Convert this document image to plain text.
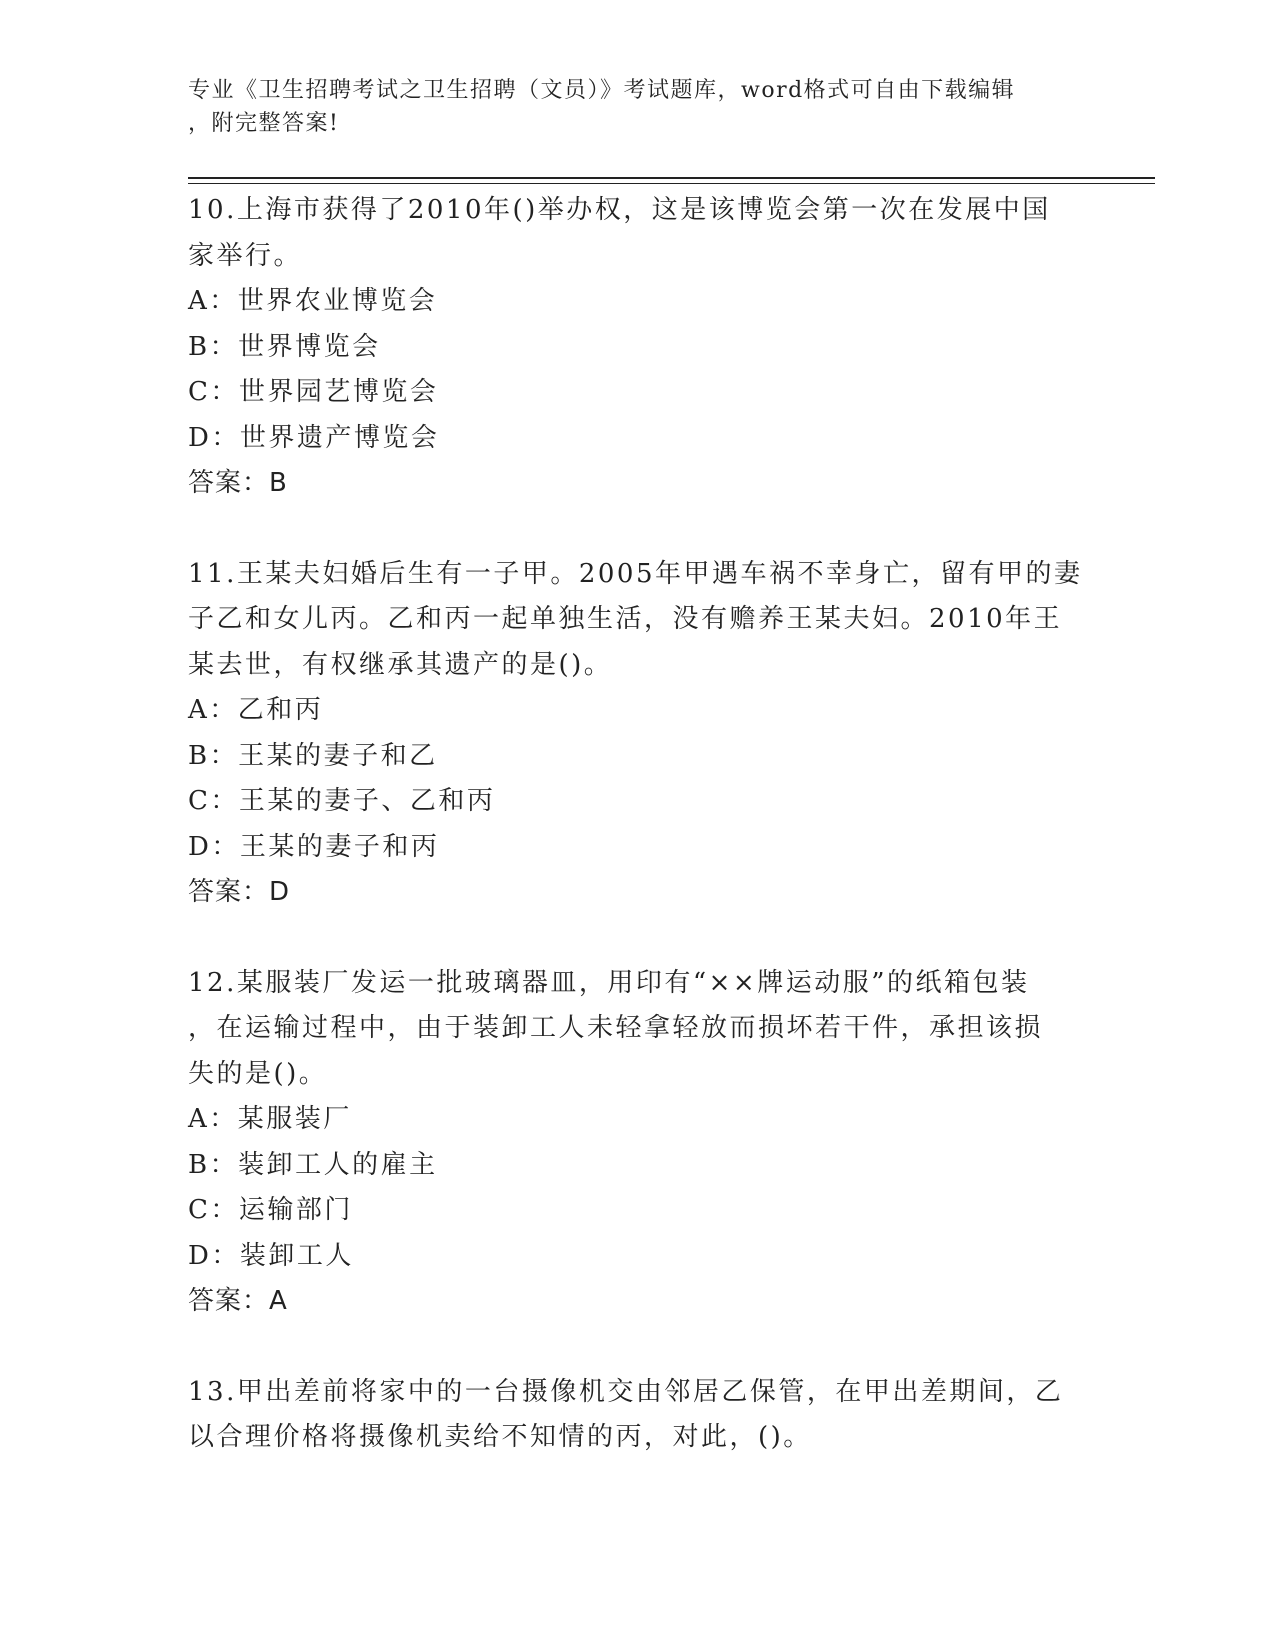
专业《卫生招聘考试之卫生招聘（文员）》考试题库，word格式可自由下载编辑
，附完整答案!
10.上海市获得了2010年()举办权，这是该博览会第一次在发展中国
家举行。
A：世界农业博览会
B：世界博览会
C：世界园艺博览会
D：世界遗产博览会
答案：B
11.王某夫妇婚后生有一子甲。2005年甲遇车祸不幸身亡，留有甲的妻
子乙和女儿丙。乙和丙一起单独生活，没有赡养王某夫妇。2010年王
某去世，有权继承其遗产的是()。
A：乙和丙
B：王某的妻子和乙
C：王某的妻子、乙和丙
D：王某的妻子和丙
答案：D
12.某服装厂发运一批玻璃器皿，用印有“××牌运动服”的纸箱包装
，在运输过程中，由于装卸工人未轻拿轻放而损坏若干件，承担该损
失的是()。
A：某服装厂
B：装卸工人的雇主
C：运输部门
D：装卸工人
答案：A
13.甲出差前将家中的一台摄像机交由邻居乙保管，在甲出差期间，乙
以合理价格将摄像机卖给不知情的丙，对此，()。
